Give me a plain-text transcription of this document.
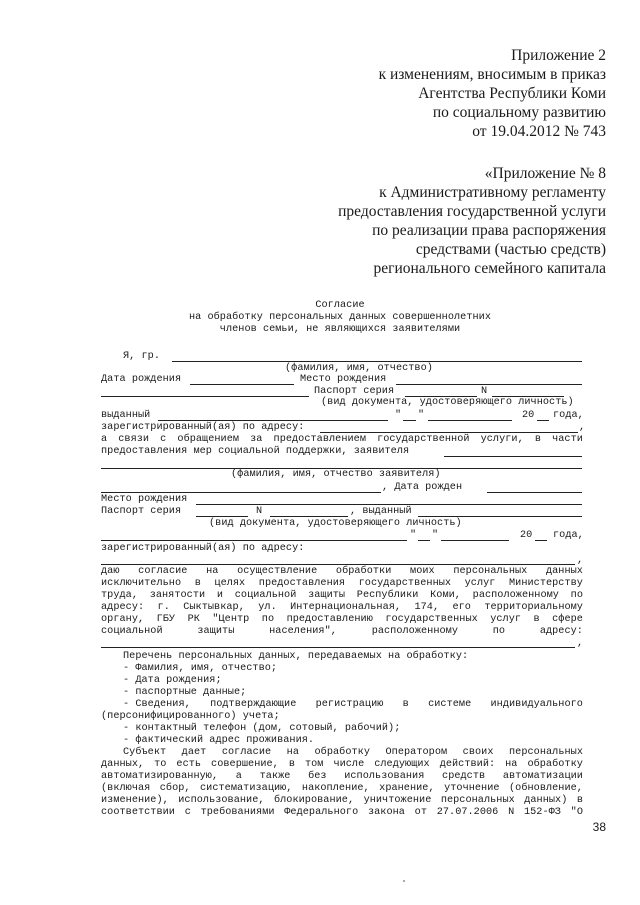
Приложение 2
к изменениям, вносимым в приказ
Агентства Республики Коми
по социальному развитию
от 19.04.2012 № 743
«Приложение № 8
к Административному регламенту
предоставления государственной услуги
по реализации права распоряжения
средствами (частью средств)
регионального семейного капитала
Согласие
на обработку персональных данных совершеннолетних
членов семьи, не являющихся заявителями
Я, гр.
(фамилия, имя, отчество)
Дата рождения	Место рождения
Паспорт серия	N
(вид документа, удостоверяющего личность)
выданный	" "	20 года,
зарегистрированный(ая) по адресу:	,
а связи с обращением за предоставлением государственной услуги, в части
предоставления мер социальной поддержки, заявителя
(фамилия, имя, отчество заявителя)
, Дата рожден
Место рождения
Паспорт серия	N	, выданный
(вид документа, удостоверяющего личность)
" "	20 года,
зарегистрированный(ая) по адресу:
,
даю согласие на осуществление обработки моих персональных данных
исключительно в целях предоставления государственных услуг Министерству
труда, занятости и социальной защиты Республики Коми, расположенному по
адресу: г. Сыктывкар, ул. Интернациональная, 174, его территориальному
органу, ГБУ РК "Центр по предоставлению государственных услуг в сфере
социальной	защиты	населения",	расположенному	по	адресу:
,
Перечень персональных данных, передаваемых на обработку:
- Фамилия, имя, отчество;
- Дата рождения;
- паспортные данные;
- Сведения, подтверждающие регистрацию в системе индивидуального
(персонифицированного) учета;
- контактный телефон (дом, сотовый, рабочий);
- фактический адрес проживания.
Субъект дает согласие на обработку Оператором своих персональных
данных, то есть совершение, в том числе следующих действий: на обработку
автоматизированную, а также без использования средств автоматизации
(включая сбор, систематизацию, накопление, хранение, уточнение (обновление,
изменение), использование, блокирование, уничтожение персональных данных) в
соответствии с требованиями Федерального закона от 27.07.2006 N 152-ФЗ "О
38
